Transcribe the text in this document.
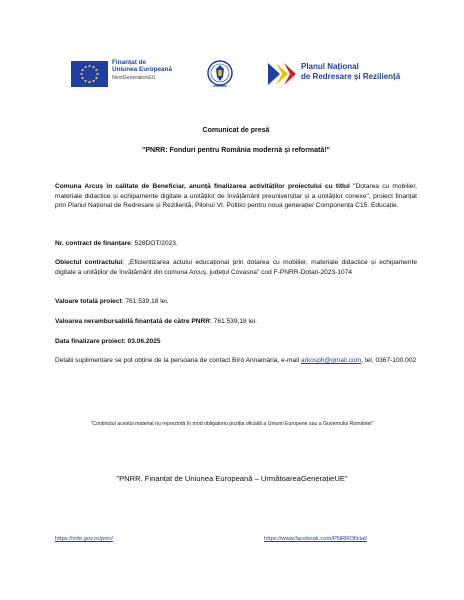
Finanțat de
Uniunea Europeană
NextGenerationEU
Planul Național
de Redresare și Reziliență
Comunicat de presă
"PNRR: Fonduri pentru România modernă și reformată!"
Comuna Arcuș în calitate de Beneficiar, anunță finalizarea activităților proiectului cu titlul "Dotarea cu mobilier, materiale didactice și echipamente digitale a unităților de învățământ preuniversitar și a unităților conexe", proiect finanțat prin Planul Național de Redresare și Reziliență, Pilonul VI. Politici pentru noua generație/ Componența C15: Educație.
Nr. contract de finanțare: 528DOT/2023.
Obiectul contractului: „Eficientizarea actului educațional prin dotarea cu mobilier, materiale didactice și echipamente digitale a unităților de învățământ din comuna Arcuș, județul Covasna" cod F-PNRR-Dotari-2023-1074
Valoare totală proiect: 761.539,18 lei.
Valoarea nerambursabilă finanțată de către PNRR: 761.539,18 lei.
Data finalizare proiect: 03.06.2025
Detalii suplimentare se pot obține de la persoana de contact Bíró Annamária, e-mail arkosph@gmail.com, tel. 0367-100.002
"Conținutul acestui material nu reprezintă în mod obligatoriu poziția oficială a Uniunii Europene sau a Guvernului României"
"PNRR. Finanțat de Uniunea Europeană – UrmătoareaGenerațieUE"
https://mfe.gov.ro/pnrr/	https://www.facebook.com/PNRROficial/
